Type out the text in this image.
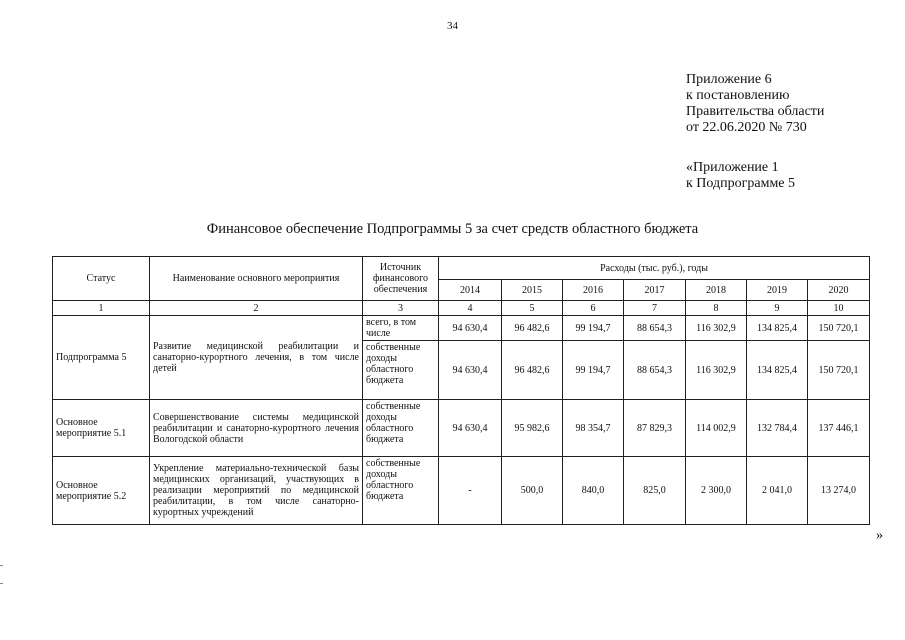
34
Приложение 6
к постановлению
Правительства области
от 22.06.2020 № 730
«Приложение 1
к Подпрограмме 5
Финансовое обеспечение Подпрограммы 5 за счет средств областного бюджета
Статус	Наименование основного мероприятия	Источник финансового обеспечения	Расходы (тыс. руб.), годы						
			2014	2015	2016	2017	2018	2019	2020
1	2	3	4	5	6	7	8	9	10
Подпрограмма 5	Развитие медицинской реабилитации и санаторно-курортного лечения, в том числе детей	всего, в том числе	94 630,4	96 482,6	99 194,7	88 654,3	116 302,9	134 825,4	150 720,1
		собственные доходы областного бюджета	94 630,4	96 482,6	99 194,7	88 654,3	116 302,9	134 825,4	150 720,1
Основное мероприятие 5.1	Совершенствование системы медицинской реабилитации и санаторно-курортного лечения Вологодской области	собственные доходы областного бюджета	94 630,4	95 982,6	98 354,7	87 829,3	114 002,9	132 784,4	137 446,1
Основное мероприятие 5.2	Укрепление материально-технической базы медицинских организаций, участвующих в реализации мероприятий по медицинской реабилитации, в том числе санаторно-курортных учреждений	собственные доходы областного бюджета	-	500,0	840,0	825,0	2 300,0	2 041,0	13 274,0
»
